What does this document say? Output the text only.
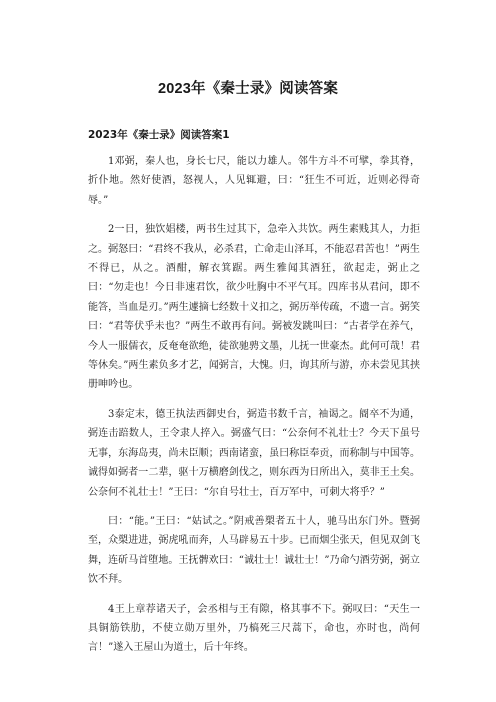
2023年《秦士录》阅读答案
2023年《秦士录》阅读答案1

1邓弼，秦人也，身长七尺，能以力雄人。邻牛方斗不可擘，拳其脊，折仆地。然好使酒，怒视人，人见辄避，曰：“狂生不可近，近则必得奇辱。”

2一日，独饮娼楼，两书生过其下，急牵入共饮。两生素贱其人，力拒之。弼怒曰：“君终不我从，必杀君，亡命走山泽耳，不能忍君苦也！”两生不得已，从之。酒酣，解衣箕踞。两生雅闻其酒狂，欲起走，弼止之曰：“勿走也！今日非速君饮，欲少吐胸中不平气耳。四库书从君问，即不能答，当血是刃。”两生遽摘七经数十义扣之，弼历举传疏，不遗一言。弼笑曰：“君等伏乎未也？”两生不敢再有问。弼被发跳叫曰：“古者学在养气，今人一服儒衣，反奄奄欲绝，徒欲驰骋文墨，儿抚一世豪杰。此何可哉！君等休矣。”两生素负多才艺，闻弼言，大愧。归，询其所与游，亦未尝见其挟册呻吟也。

3泰定末，德王执法西御史台，弼造书数千言，袖谒之。阍卒不为通，弼连击踣数人，王令隶人捽入。弼盛气曰：“公奈何不礼壮士？今天下虽号无事，东海岛夷，尚未臣顺；西南诸蛮，虽曰称臣奉贡，而称制与中国等。诚得如弼者一二辈，驱十万横磨剑伐之，则东西为日所出入，莫非王土矣。公奈何不礼壮士！”王曰：“尔自号壮士，百万军中，可刺大将乎？”

曰：“能。”王曰：“姑试之。”阴戒善槊者五十人，驰马出东门外。暨弼至，众槊进进，弼虎吼而奔，人马辟易五十步。已而烟尘张天，但见双剑飞舞，连斫马首堕地。王抚髀欢曰：“诚壮士！诚壮士！”乃命勺酒劳弼，弼立饮不拜。

4王上章荐诸天子，会丞相与王有隙，格其事不下。弼叹曰：“天生一具铜筋铁肋，不使立勋万里外，乃槁死三尺蒿下，命也，亦时也，尚何言！”遂入王屋山为道士，后十年终。
